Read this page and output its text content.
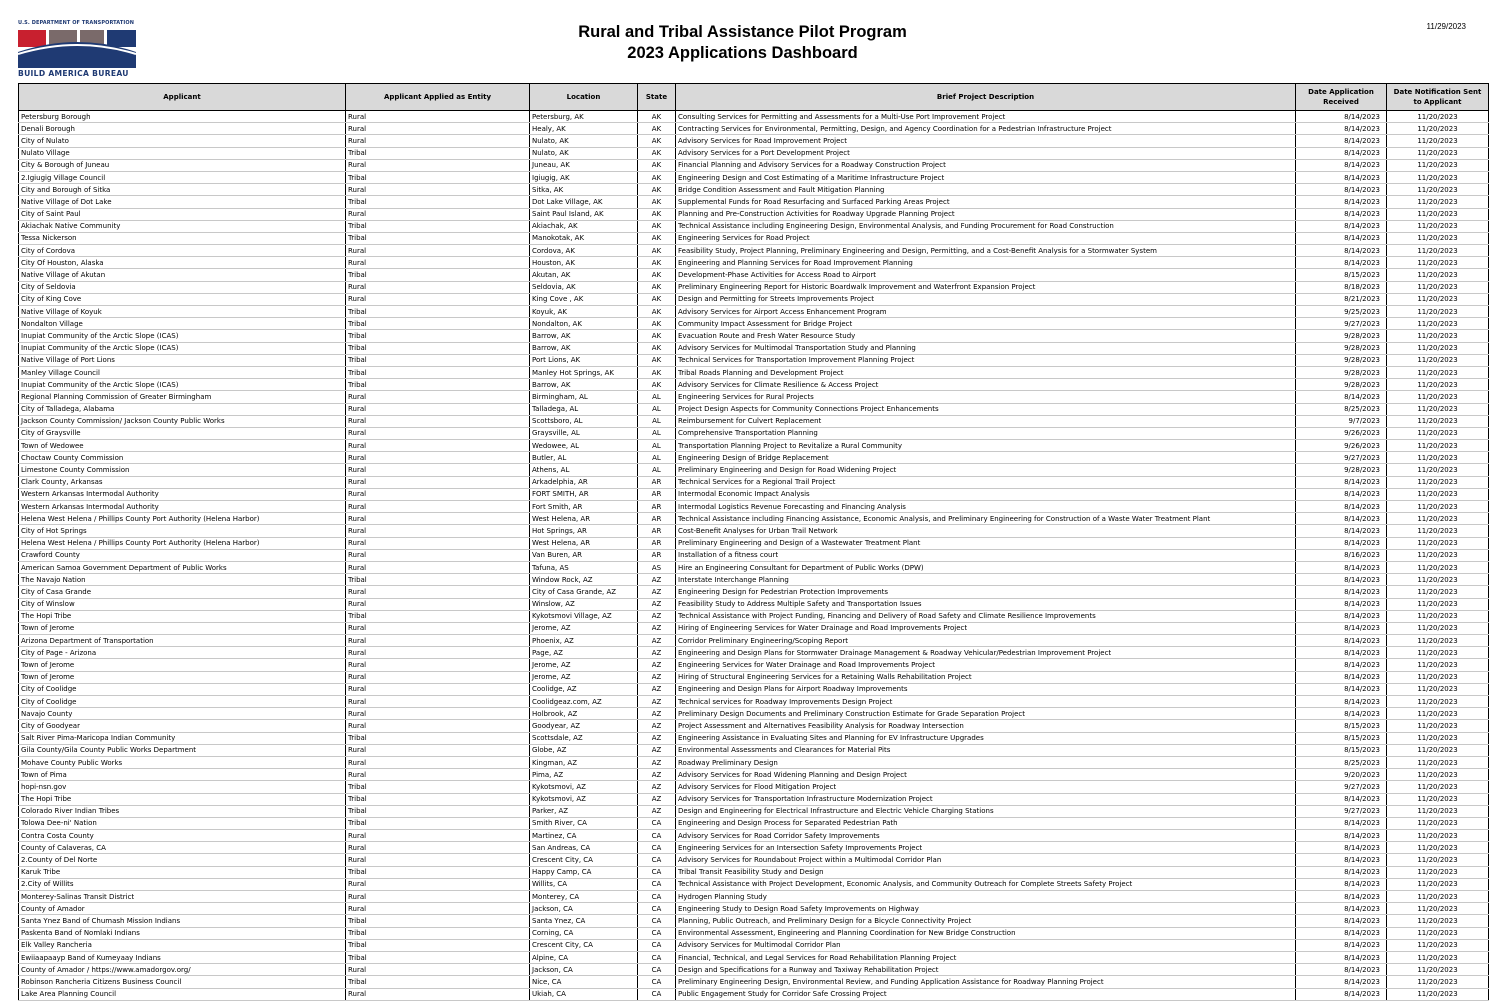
U.S. DEPARTMENT OF TRANSPORTATION
BUILD AMERICA BUREAU
Rural and Tribal Assistance Pilot Program
2023 Applications Dashboard
11/29/2023
Applicant	Applicant Applied as Entity	Location	State	Brief Project Description	Date Application Received	Date Notification Sent to Applicant
Petersburg Borough	Rural	Petersburg, AK	AK	Consulting Services for Permitting and Assessments for a Multi-Use Port Improvement Project	8/14/2023	11/20/2023
Denali Borough	Rural	Healy, AK	AK	Contracting Services for Environmental, Permitting, Design, and Agency Coordination for a Pedestrian Infrastructure Project	8/14/2023	11/20/2023
City of Nulato	Rural	Nulato, AK	AK	Advisory Services for Road Improvement Project	8/14/2023	11/20/2023
Nulato Village	Tribal	Nulato, AK	AK	Advisory Services for a Port Development Project	8/14/2023	11/20/2023
City & Borough of Juneau	Rural	Juneau, AK	AK	Financial Planning and Advisory Services for a Roadway Construction Project	8/14/2023	11/20/2023
2.Igiugig Village Council	Tribal	Igiugig, AK	AK	Engineering Design and Cost Estimating of a Maritime Infrastructure Project	8/14/2023	11/20/2023
City and Borough of Sitka	Rural	Sitka, AK	AK	Bridge Condition Assessment and Fault Mitigation Planning	8/14/2023	11/20/2023
Native Village of Dot Lake	Tribal	Dot Lake Village, AK	AK	Supplemental Funds for Road Resurfacing and Surfaced Parking Areas Project	8/14/2023	11/20/2023
City of Saint Paul	Rural	Saint Paul Island, AK	AK	Planning and Pre-Construction Activities for Roadway Upgrade Planning Project	8/14/2023	11/20/2023
Akiachak Native Community	Tribal	Akiachak, AK	AK	Technical Assistance including Engineering Design, Environmental Analysis, and Funding Procurement for Road Construction	8/14/2023	11/20/2023
Tessa Nickerson	Tribal	Manokotak, AK	AK	Engineering Services for Road Project	8/14/2023	11/20/2023
City of Cordova	Rural	Cordova, AK	AK	Feasibility Study, Project Planning, Preliminary Engineering and Design, Permitting, and a Cost-Benefit Analysis for a Stormwater System	8/14/2023	11/20/2023
City Of Houston, Alaska	Rural	Houston, AK	AK	Engineering and Planning Services for Road Improvement Planning	8/14/2023	11/20/2023
Native Village of Akutan	Tribal	Akutan, AK	AK	Development-Phase Activities for Access Road to Airport	8/15/2023	11/20/2023
City of Seldovia	Rural	Seldovia, AK	AK	Preliminary Engineering Report for Historic Boardwalk Improvement and Waterfront Expansion Project	8/18/2023	11/20/2023
City of King Cove	Rural	King Cove , AK	AK	Design and Permitting for Streets Improvements Project	8/21/2023	11/20/2023
Native Village of Koyuk	Tribal	Koyuk, AK	AK	Advisory Services for Airport Access Enhancement Program	9/25/2023	11/20/2023
Nondalton Village	Tribal	Nondalton, AK	AK	Community Impact Assessment for Bridge Project	9/27/2023	11/20/2023
Inupiat Community of the Arctic Slope (ICAS)	Tribal	Barrow, AK	AK	Evacuation Route and Fresh Water Resource Study	9/28/2023	11/20/2023
Inupiat Community of the Arctic Slope (ICAS)	Tribal	Barrow, AK	AK	Advisory Services for Multimodal Transportation Study and Planning	9/28/2023	11/20/2023
Native Village of Port Lions	Tribal	Port Lions, AK	AK	Technical Services for Transportation Improvement Planning Project	9/28/2023	11/20/2023
Manley Village Council	Tribal	Manley Hot Springs, AK	AK	Tribal Roads Planning and Development Project	9/28/2023	11/20/2023
Inupiat Community of the Arctic Slope (ICAS)	Tribal	Barrow, AK	AK	Advisory Services for Climate Resilience & Access Project	9/28/2023	11/20/2023
Regional Planning Commission of Greater Birmingham	Rural	Birmingham, AL	AL	Engineering Services for Rural Projects	8/14/2023	11/20/2023
City of Talladega, Alabama	Rural	Talladega, AL	AL	Project Design Aspects for Community Connections Project Enhancements	8/25/2023	11/20/2023
Jackson County Commission/ Jackson County Public Works	Rural	Scottsboro, AL	AL	Reimbursement for Culvert Replacement	9/7/2023	11/20/2023
City of Graysville	Rural	Graysville, AL	AL	Comprehensive Transportation Planning	9/26/2023	11/20/2023
Town of Wedowee	Rural	Wedowee, AL	AL	Transportation Planning Project to Revitalize a Rural Community	9/26/2023	11/20/2023
Choctaw County Commission	Rural	Butler, AL	AL	Engineering Design of Bridge Replacement	9/27/2023	11/20/2023
Limestone County Commission	Rural	Athens, AL	AL	Preliminary Engineering and Design for Road Widening Project	9/28/2023	11/20/2023
Clark County, Arkansas	Rural	Arkadelphia, AR	AR	Technical Services for a Regional Trail Project	8/14/2023	11/20/2023
Western Arkansas Intermodal Authority	Rural	FORT SMITH, AR	AR	Intermodal Economic Impact Analysis	8/14/2023	11/20/2023
Western Arkansas Intermodal Authority	Rural	Fort Smith, AR	AR	Intermodal Logistics Revenue Forecasting and Financing Analysis	8/14/2023	11/20/2023
Helena West Helena / Phillips County Port Authority (Helena Harbor)	Rural	West Helena, AR	AR	Technical Assistance including Financing Assistance, Economic Analysis, and Preliminary Engineering for Construction of a Waste Water Treatment Plant	8/14/2023	11/20/2023
City of Hot Springs	Rural	Hot Springs, AR	AR	Cost-Benefit Analyses for Urban Trail Network	8/14/2023	11/20/2023
Helena West Helena / Phillips County Port Authority (Helena Harbor)	Rural	West Helena, AR	AR	Preliminary Engineering and Design of a Wastewater Treatment Plant	8/14/2023	11/20/2023
Crawford County	Rural	Van Buren, AR	AR	Installation of a fitness court	8/16/2023	11/20/2023
American Samoa Government Department of Public Works	Rural	Tafuna, AS	AS	Hire an Engineering Consultant for Department of Public Works (DPW)	8/14/2023	11/20/2023
The Navajo Nation	Tribal	Window Rock, AZ	AZ	Interstate Interchange Planning	8/14/2023	11/20/2023
City of Casa Grande	Rural	City of Casa Grande, AZ	AZ	Engineering Design for Pedestrian Protection Improvements	8/14/2023	11/20/2023
City of Winslow	Rural	Winslow, AZ	AZ	Feasibility Study to Address Multiple Safety and Transportation Issues	8/14/2023	11/20/2023
The Hopi Tribe	Tribal	Kykotsmovi Village, AZ	AZ	Technical Assistance with Project Funding, Financing and Delivery of Road Safety and Climate Resilience Improvements	8/14/2023	11/20/2023
Town of Jerome	Rural	Jerome, AZ	AZ	Hiring of Engineering Services for Water Drainage and Road Improvements Project	8/14/2023	11/20/2023
Arizona Department of Transportation	Rural	Phoenix, AZ	AZ	Corridor Preliminary Engineering/Scoping Report	8/14/2023	11/20/2023
City of Page - Arizona	Rural	Page, AZ	AZ	Engineering and Design Plans for Stormwater Drainage Management & Roadway Vehicular/Pedestrian Improvement Project	8/14/2023	11/20/2023
Town of Jerome	Rural	Jerome, AZ	AZ	Engineering Services for Water Drainage and Road Improvements Project	8/14/2023	11/20/2023
Town of Jerome	Rural	Jerome, AZ	AZ	Hiring of Structural Engineering Services for a Retaining Walls Rehabilitation Project	8/14/2023	11/20/2023
City of Coolidge	Rural	Coolidge, AZ	AZ	Engineering and Design Plans for Airport Roadway Improvements	8/14/2023	11/20/2023
City of Coolidge	Rural	Coolidgeaz.com, AZ	AZ	Technical services for Roadway Improvements Design Project	8/14/2023	11/20/2023
Navajo County	Rural	Holbrook, AZ	AZ	Preliminary Design Documents and Preliminary Construction Estimate for Grade Separation Project	8/14/2023	11/20/2023
City of Goodyear	Rural	Goodyear, AZ	AZ	Project Assessment and Alternatives Feasibility Analysis for Roadway Intersection	8/15/2023	11/20/2023
Salt River Pima-Maricopa Indian Community	Tribal	Scottsdale, AZ	AZ	Engineering Assistance in Evaluating Sites and Planning for EV Infrastructure Upgrades	8/15/2023	11/20/2023
Gila County/Gila County Public Works Department	Rural	Globe, AZ	AZ	Environmental Assessments and Clearances for Material Pits	8/15/2023	11/20/2023
Mohave County Public Works	Rural	Kingman, AZ	AZ	Roadway Preliminary Design	8/25/2023	11/20/2023
Town of Pima	Rural	Pima, AZ	AZ	Advisory Services for Road Widening Planning and Design Project	9/20/2023	11/20/2023
hopi-nsn.gov	Tribal	Kykotsmovi, AZ	AZ	Advisory Services for Flood Mitigation Project	9/27/2023	11/20/2023
The Hopi Tribe	Tribal	Kykotsmovi, AZ	AZ	Advisory Services for Transportation Infrastructure Modernization Project	8/14/2023	11/20/2023
Colorado River Indian Tribes	Tribal	Parker, AZ	AZ	Design and Engineering for Electrical Infrastructure and Electric Vehicle Charging Stations	9/27/2023	11/20/2023
Tolowa Dee-ni' Nation	Tribal	Smith River, CA	CA	Engineering and Design Process for Separated Pedestrian Path	8/14/2023	11/20/2023
Contra Costa County	Rural	Martinez, CA	CA	Advisory Services for Road Corridor Safety Improvements	8/14/2023	11/20/2023
County of Calaveras, CA	Rural	San Andreas, CA	CA	Engineering Services for an Intersection Safety Improvements Project	8/14/2023	11/20/2023
2.County of Del Norte	Rural	Crescent City, CA	CA	Advisory Services for Roundabout Project within a Multimodal Corridor Plan	8/14/2023	11/20/2023
Karuk Tribe	Tribal	Happy Camp, CA	CA	Tribal Transit Feasibility Study and Design	8/14/2023	11/20/2023
2.City of Willits	Rural	Willits, CA	CA	Technical Assistance with Project Development, Economic Analysis, and Community Outreach for Complete Streets Safety Project	8/14/2023	11/20/2023
Monterey-Salinas Transit District	Rural	Monterey, CA	CA	Hydrogen Planning Study	8/14/2023	11/20/2023
County of Amador	Rural	Jackson, CA	CA	Engineering Study to Design Road Safety Improvements on Highway	8/14/2023	11/20/2023
Santa Ynez Band of Chumash Mission Indians	Tribal	Santa Ynez, CA	CA	Planning, Public Outreach, and Preliminary Design for a Bicycle Connectivity Project	8/14/2023	11/20/2023
Paskenta Band of Nomlaki Indians	Tribal	Corning, CA	CA	Environmental Assessment, Engineering and Planning Coordination for New Bridge Construction	8/14/2023	11/20/2023
Elk Valley Rancheria	Tribal	Crescent City, CA	CA	Advisory Services for Multimodal Corridor Plan	8/14/2023	11/20/2023
Ewiiaapaayp Band of Kumeyaay Indians	Tribal	Alpine, CA	CA	Financial, Technical, and Legal Services for Road Rehabilitation Planning Project	8/14/2023	11/20/2023
County of Amador / https://www.amadorgov.org/	Rural	Jackson, CA	CA	Design and Specifications for a Runway and Taxiway Rehabilitation Project	8/14/2023	11/20/2023
Robinson Rancheria Citizens Business Council	Tribal	Nice, CA	CA	Preliminary Engineering Design, Environmental Review, and Funding Application Assistance for Roadway Planning Project	8/14/2023	11/20/2023
Lake Area Planning Council	Rural	Ukiah, CA	CA	Public Engagement Study for Corridor Safe Crossing Project	8/14/2023	11/20/2023
